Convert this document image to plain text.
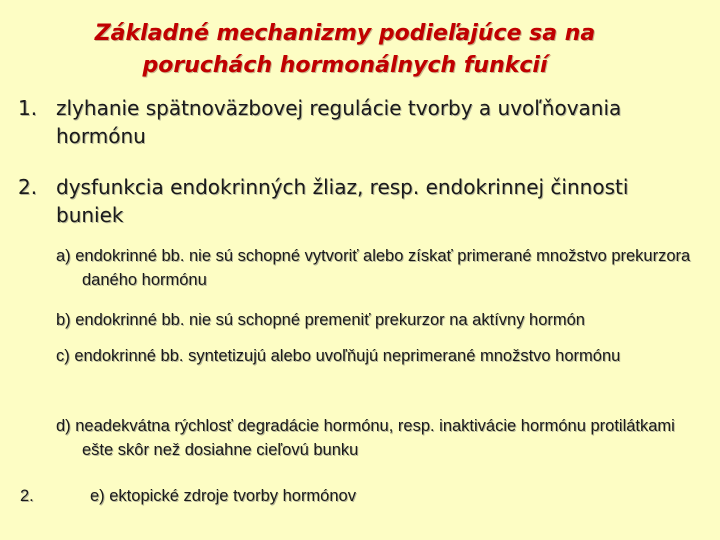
Základné mechanizmy podieľajúce sa na
poruchách hormonálnych funkcií
1. zlyhanie spätnoväzbovej regulácie tvorby a uvoľňovania hormónu
2. dysfunkcia endokrinných žliaz, resp. endokrinnej činnosti buniek
a) endokrinné bb. nie sú schopné vytvoriť alebo získať primerané množstvo prekurzora daného hormónu
b) endokrinné bb. nie sú schopné premeniť prekurzor na aktívny hormón
c) endokrinné bb. syntetizujú alebo uvoľňujú neprimerané množstvo hormónu
d) neadekvátna rýchlosť degradácie hormónu, resp. inaktivácie hormónu protilátkami ešte skôr než dosiahne cieľovú bunku
2.	e) ektopické zdroje tvorby hormónov
